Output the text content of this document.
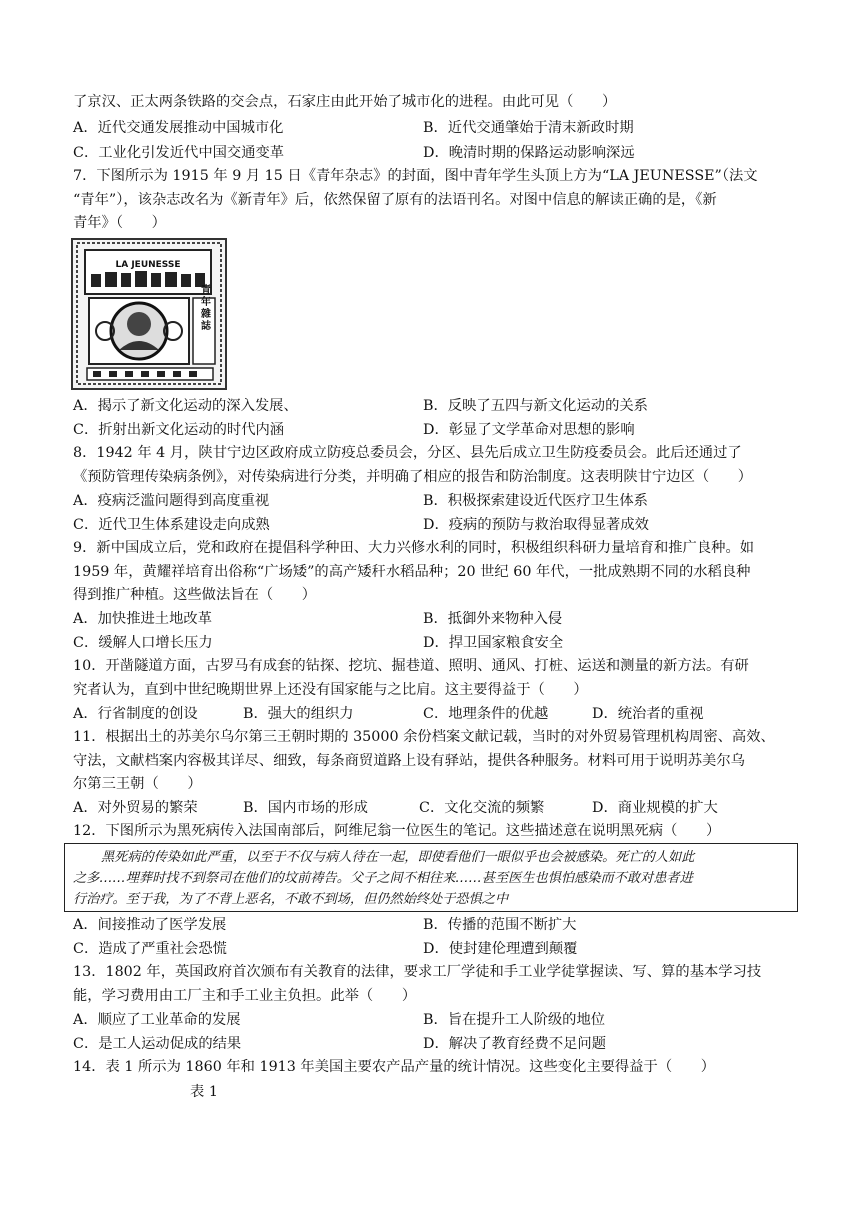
了京汉、正太两条铁路的交会点，石家庄由此开始了城市化的进程。由此可见（　　）
A．近代交通发展推动中国城市化	B．近代交通肇始于清末新政时期
C．工业化引发近代中国交通变革	D．晚清时期的保路运动影响深远
7．下图所示为 1915 年 9 月 15 日《青年杂志》的封面，图中青年学生头顶上方为“LA JEUNESSE”（法文
“青年”），该杂志改名为《新青年》后，依然保留了原有的法语刊名。对图中信息的解读正确的是，《新
青年》（　　）
LA JEUNESSE
青年雜誌
A．揭示了新文化运动的深入发展、	B．反映了五四与新文化运动的关系
C．折射出新文化运动的时代内涵	D．彰显了文学革命对思想的影响
8．1942 年 4 月，陕甘宁边区政府成立防疫总委员会，分区、县先后成立卫生防疫委员会。此后还通过了
《预防管理传染病条例》，对传染病进行分类，并明确了相应的报告和防治制度。这表明陕甘宁边区（　　）
A．疫病泛滥问题得到高度重视	B．积极探索建设近代医疗卫生体系
C．近代卫生体系建设走向成熟	D．疫病的预防与救治取得显著成效
9．新中国成立后，党和政府在提倡科学种田、大力兴修水利的同时，积极组织科研力量培育和推广良种。如
1959 年，黄耀祥培育出俗称“广场矮”的高产矮秆水稻品种；20 世纪 60 年代，一批成熟期不同的水稻良种
得到推广种植。这些做法旨在（　　）
A．加快推进土地改革	B．抵御外来物种入侵
C．缓解人口增长压力	D．捍卫国家粮食安全
10．开凿隧道方面，古罗马有成套的钻探、挖坑、掘巷道、照明、通风、打桩、运送和测量的新方法。有研
究者认为，直到中世纪晚期世界上还没有国家能与之比肩。这主要得益于（　　）
A．行省制度的创设	B．强大的组织力	C．地理条件的优越	D．统治者的重视
11．根据出土的苏美尔乌尔第三王朝时期的 35000 余份档案文献记载，当时的对外贸易管理机构周密、高效、
守法，文献档案内容极其详尽、细致，每条商贸道路上设有驿站，提供各种服务。材料可用于说明苏美尔乌
尔第三王朝（　　）
A．对外贸易的繁荣	B．国内市场的形成	C．文化交流的频繁	D．商业规模的扩大
12．下图所示为黑死病传入法国南部后，阿维尼翁一位医生的笔记。这些描述意在说明黑死病（　　）
黑死病的传染如此严重，以至于不仅与病人待在一起，即使看他们一眼似乎也会被感染。死亡的人如此
之多……埋葬时找不到祭司在他们的坟前祷告。父子之间不相往来……甚至医生也惧怕感染而不敢对患者进
行治疗。至于我，为了不背上恶名，不敢不到场，但仍然始终处于恐惧之中
A．间接推动了医学发展	B．传播的范围不断扩大
C．造成了严重社会恐慌	D．使封建伦理遭到颠覆
13．1802 年，英国政府首次颁布有关教育的法律，要求工厂学徒和手工业学徒掌握读、写、算的基本学习技
能，学习费用由工厂主和手工业主负担。此举（　　）
A．顺应了工业革命的发展	B．旨在提升工人阶级的地位
C．是工人运动促成的结果	D．解决了教育经费不足问题
14．表 1 所示为 1860 年和 1913 年美国主要农产品产量的统计情况。这些变化主要得益于（　　）
表 1
